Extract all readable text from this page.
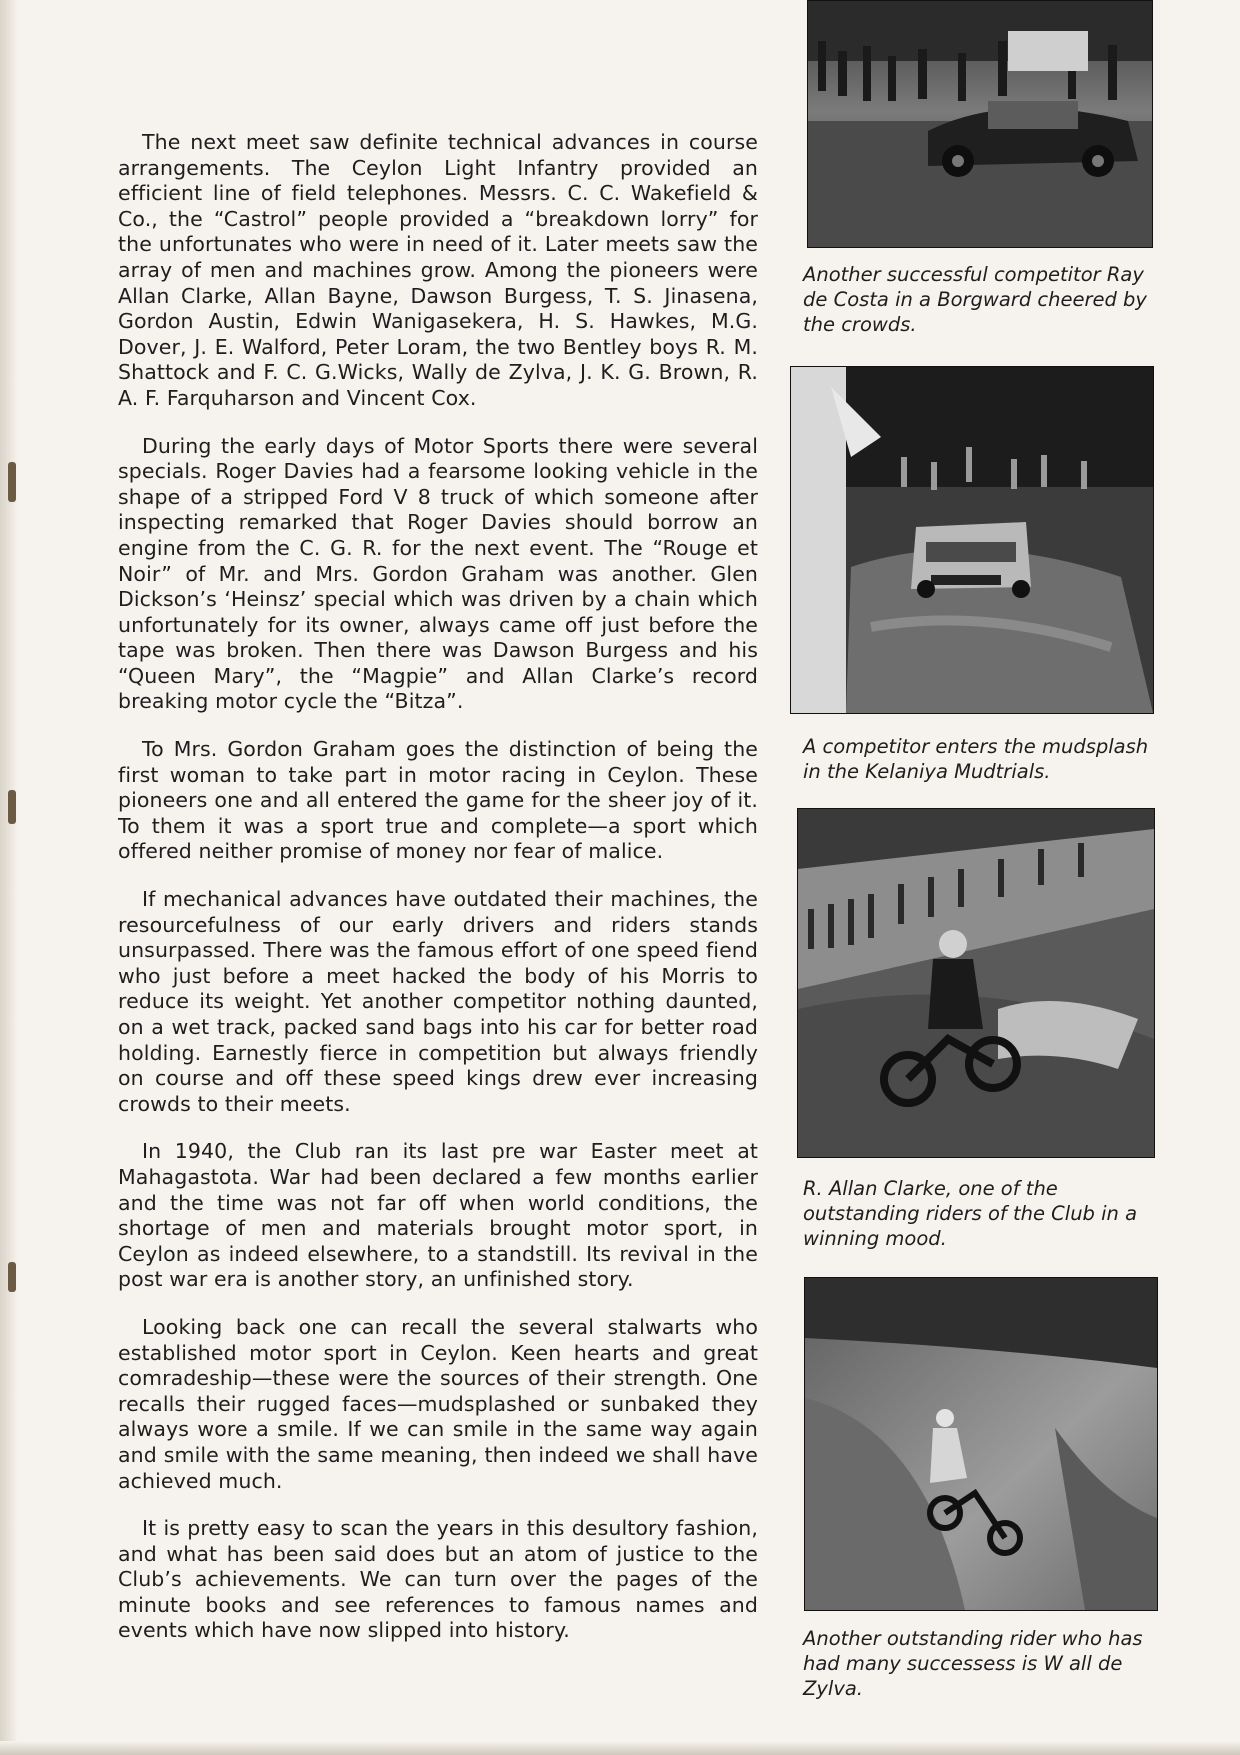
The next meet saw definite technical advances in course arrangements. The Ceylon Light Infantry provided an efficient line of field telephones. Messrs. C. C. Wakefield & Co., the “Castrol” people provided a “breakdown lorry” for the unfortunates who were in need of it. Later meets saw the array of men and machines grow. Among the pioneers were Allan Clarke, Allan Bayne, Dawson Burgess, T. S. Jinasena, Gordon Austin, Edwin Wanigasekera, H. S. Hawkes, M.G. Dover, J. E. Walford, Peter Loram, the two Bentley boys R. M. Shattock and F. C. G.Wicks, Wally de Zylva, J. K. G. Brown, R. A. F. Farquharson and Vincent Cox.

During the early days of Motor Sports there were several specials. Roger Davies had a fearsome looking vehicle in the shape of a stripped Ford V 8 truck of which someone after inspecting remarked that Roger Davies should borrow an engine from the C. G. R. for the next event. The “Rouge et Noir” of Mr. and Mrs. Gordon Graham was another. Glen Dickson’s ‘Heinsz’ special which was driven by a chain which unfortunately for its owner, always came off just before the tape was broken. Then there was Dawson Burgess and his “Queen Mary”, the “Magpie” and Allan Clarke’s record breaking motor cycle the “Bitza”.

To Mrs. Gordon Graham goes the distinction of being the first woman to take part in motor racing in Ceylon. These pioneers one and all entered the game for the sheer joy of it. To them it was a sport true and complete—a sport which offered neither promise of money nor fear of malice.

If mechanical advances have outdated their machines, the resourcefulness of our early drivers and riders stands unsurpassed. There was the famous effort of one speed fiend who just before a meet hacked the body of his Morris to reduce its weight. Yet another competitor nothing daunted, on a wet track, packed sand bags into his car for better road holding. Earnestly fierce in competition but always friendly on course and off these speed kings drew ever increasing crowds to their meets.

In 1940, the Club ran its last pre war Easter meet at Mahagastota. War had been declared a few months earlier and the time was not far off when world conditions, the shortage of men and materials brought motor sport, in Ceylon as indeed elsewhere, to a standstill. Its revival in the post war era is another story, an unfinished story.

Looking back one can recall the several stalwarts who established motor sport in Ceylon. Keen hearts and great comradeship—these were the sources of their strength. One recalls their rugged faces—mudsplashed or sunbaked they always wore a smile. If we can smile in the same way again and smile with the same meaning, then indeed we shall have achieved much.

It is pretty easy to scan the years in this desultory fashion, and what has been said does but an atom of justice to the Club’s achievements. We can turn over the pages of the minute books and see references to famous names and events which have now slipped into history.

Another successful competitor Ray de Costa in a Borgward cheered by the crowds.

A competitor enters the mudsplash in the Kelaniya Mudtrials.

R. Allan Clarke, one of the outstanding riders of the Club in a winning mood.

Another outstanding rider who has had many successess is W all de Zylva.
